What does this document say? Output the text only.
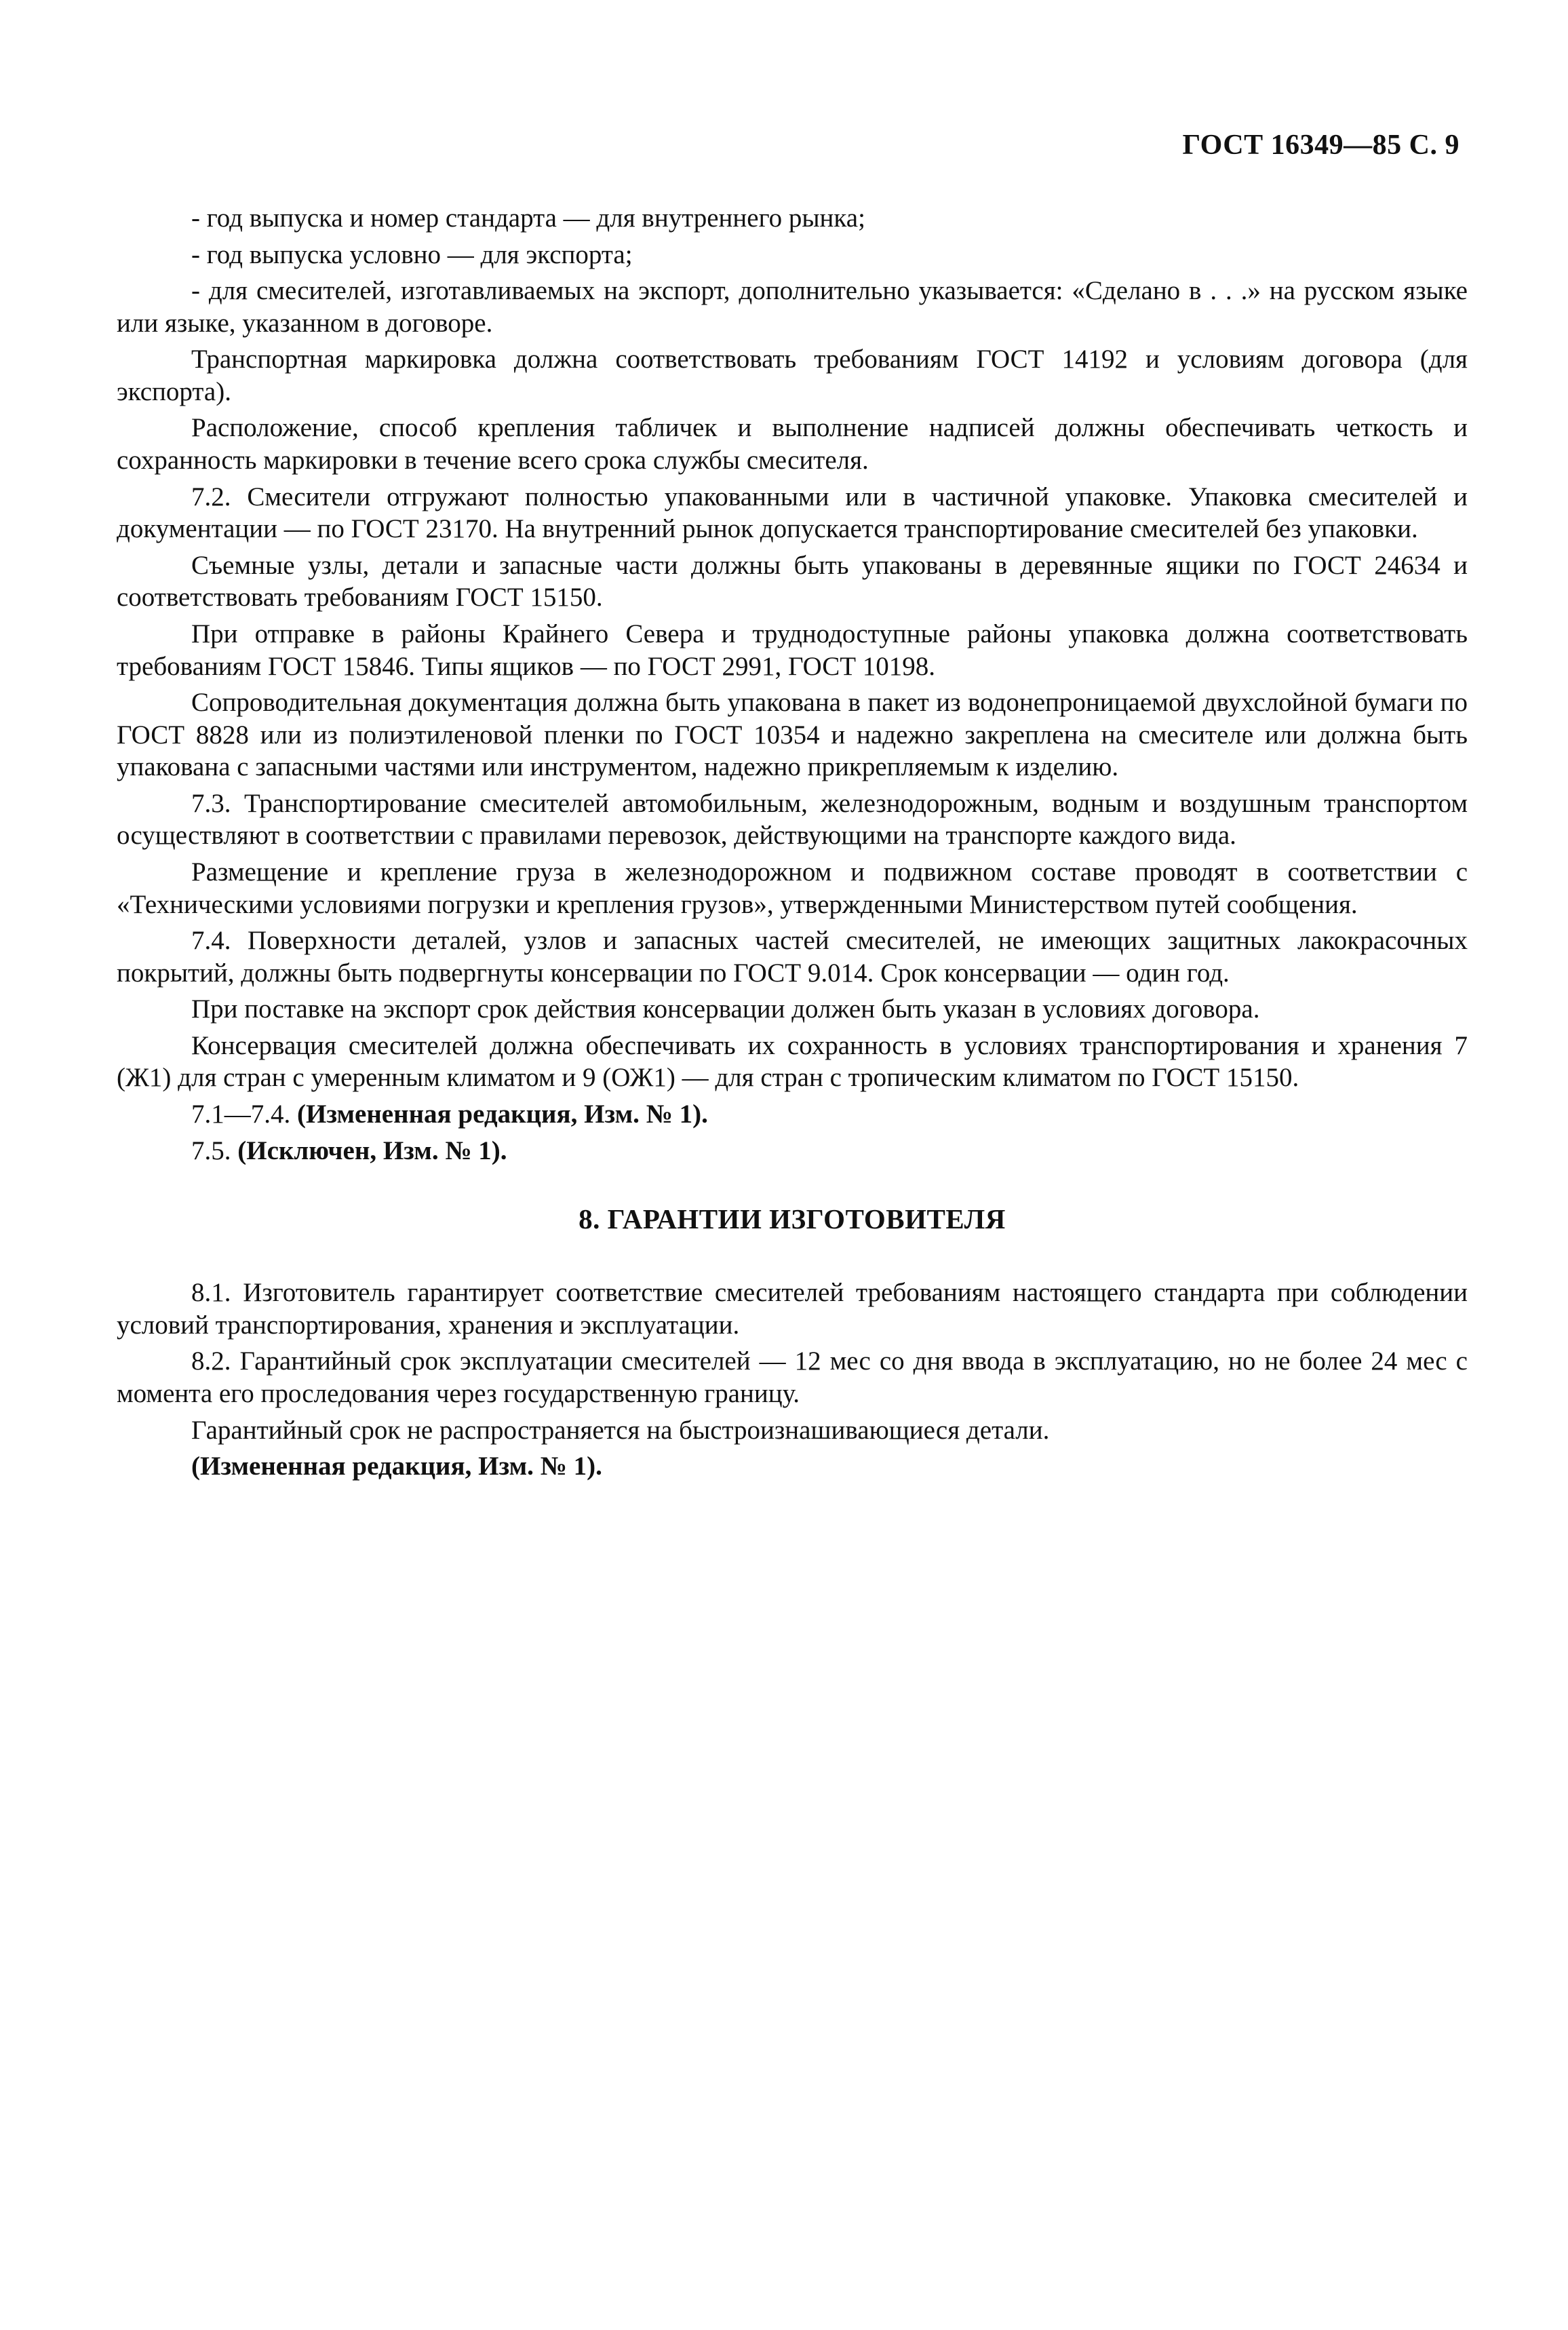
ГОСТ 16349—85 С. 9

- год выпуска и номер стандарта — для внутреннего рынка;

- год выпуска условно — для экспорта;

- для смесителей, изготавливаемых на экспорт, дополнительно указывается: «Сделано в . . .» на русском языке или языке, указанном в договоре.

Транспортная маркировка должна соответствовать требованиям ГОСТ 14192 и условиям договора (для экспорта).

Расположение, способ крепления табличек и выполнение надписей должны обеспечивать четкость и сохранность маркировки в течение всего срока службы смесителя.

7.2. Смесители отгружают полностью упакованными или в частичной упаковке. Упаковка смесителей и документации — по ГОСТ 23170. На внутренний рынок допускается транспортирование смесителей без упаковки.

Съемные узлы, детали и запасные части должны быть упакованы в деревянные ящики по ГОСТ 24634 и соответствовать требованиям ГОСТ 15150.

При отправке в районы Крайнего Севера и труднодоступные районы упаковка должна соответствовать требованиям ГОСТ 15846. Типы ящиков — по ГОСТ 2991, ГОСТ 10198.

Сопроводительная документация должна быть упакована в пакет из водонепроницаемой двухслойной бумаги по ГОСТ 8828 или из полиэтиленовой пленки по ГОСТ 10354 и надежно закреплена на смесителе или должна быть упакована с запасными частями или инструментом, надежно прикрепляемым к изделию.

7.3. Транспортирование смесителей автомобильным, железнодорожным, водным и воздушным транспортом осуществляют в соответствии с правилами перевозок, действующими на транспорте каждого вида.

Размещение и крепление груза в железнодорожном и подвижном составе проводят в соответствии с «Техническими условиями погрузки и крепления грузов», утвержденными Министерством путей сообщения.

7.4. Поверхности деталей, узлов и запасных частей смесителей, не имеющих защитных лакокрасочных покрытий, должны быть подвергнуты консервации по ГОСТ 9.014. Срок консервации — один год.

При поставке на экспорт срок действия консервации должен быть указан в условиях договора.

Консервация смесителей должна обеспечивать их сохранность в условиях транспортирования и хранения 7 (Ж1) для стран с умеренным климатом и 9 (ОЖ1) — для стран с тропическим климатом по ГОСТ 15150.

7.1—7.4. (Измененная редакция, Изм. № 1).

7.5. (Исключен, Изм. № 1).

8. ГАРАНТИИ ИЗГОТОВИТЕЛЯ

8.1. Изготовитель гарантирует соответствие смесителей требованиям настоящего стандарта при соблюдении условий транспортирования, хранения и эксплуатации.

8.2. Гарантийный срок эксплуатации смесителей — 12 мес со дня ввода в эксплуатацию, но не более 24 мес с момента его проследования через государственную границу.

Гарантийный срок не распространяется на быстроизнашивающиеся детали.

(Измененная редакция, Изм. № 1).
